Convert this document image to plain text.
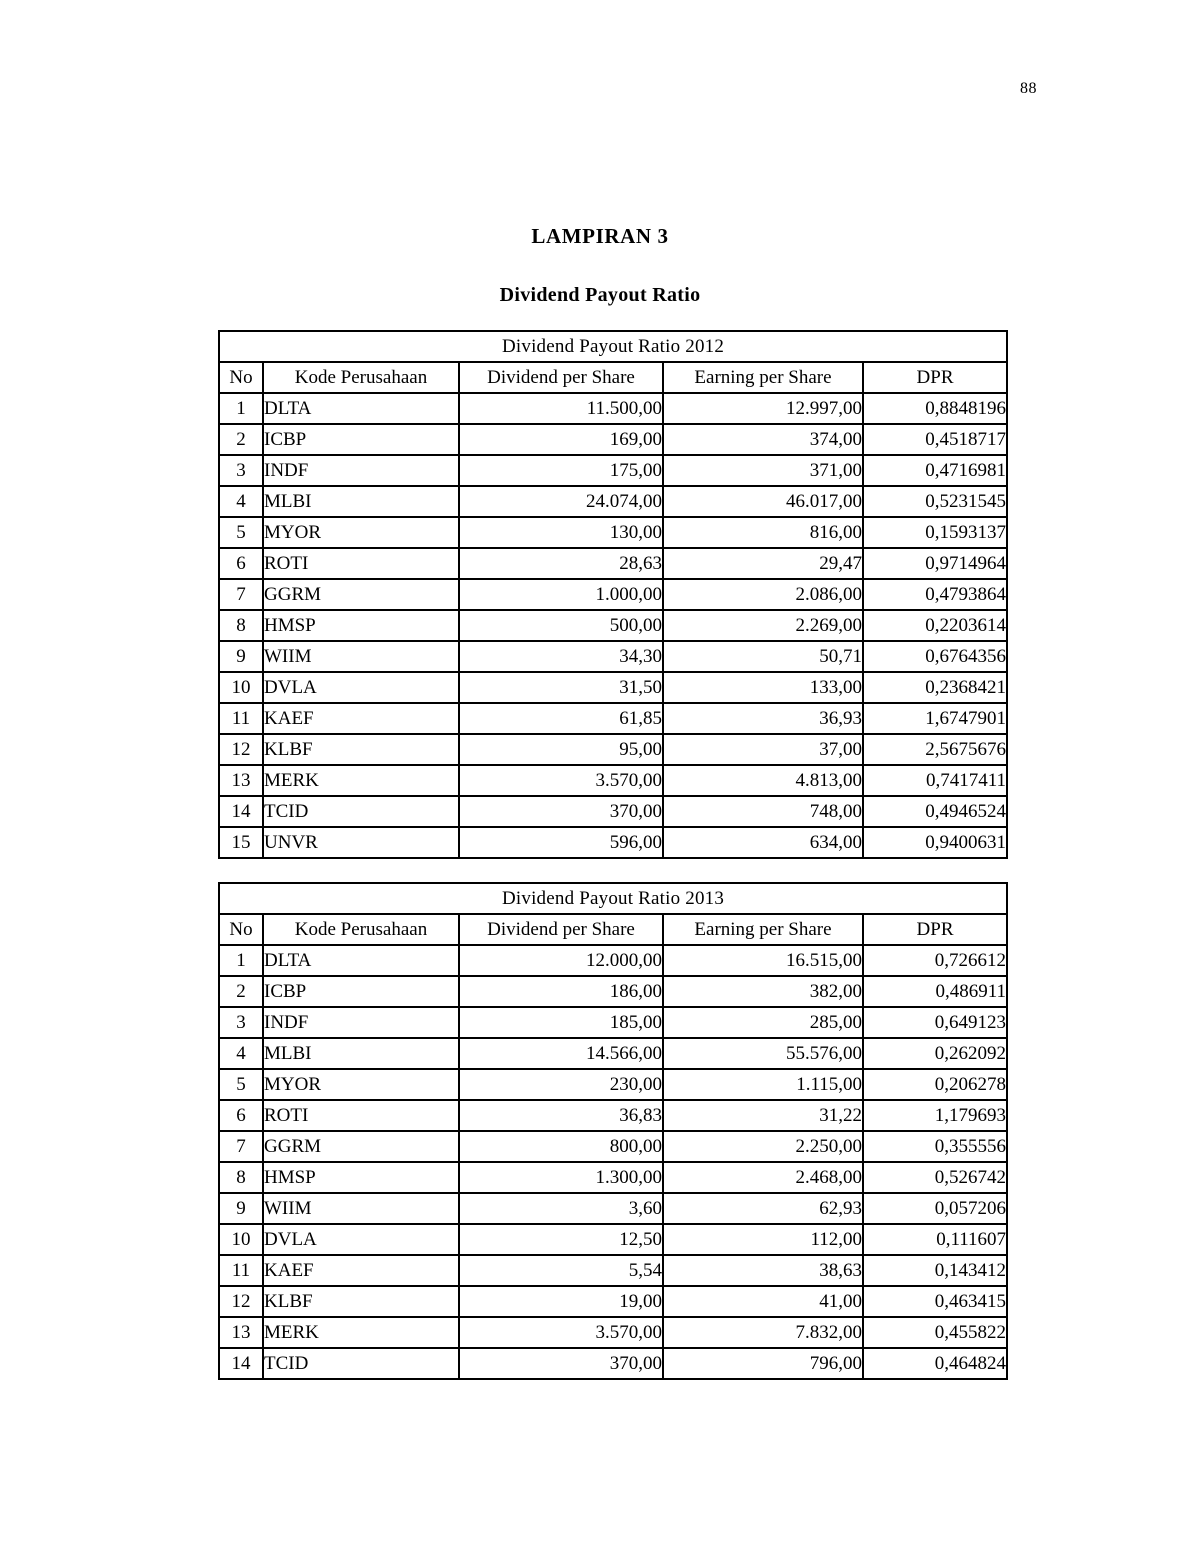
88
LAMPIRAN 3
Dividend Payout Ratio
Dividend Payout Ratio 2012				
No	Kode Perusahaan	Dividend per Share	Earning per Share	DPR
1	DLTA	11.500,00	12.997,00	0,8848196
2	ICBP	169,00	374,00	0,4518717
3	INDF	175,00	371,00	0,4716981
4	MLBI	24.074,00	46.017,00	0,5231545
5	MYOR	130,00	816,00	0,1593137
6	ROTI	28,63	29,47	0,9714964
7	GGRM	1.000,00	2.086,00	0,4793864
8	HMSP	500,00	2.269,00	0,2203614
9	WIIM	34,30	50,71	0,6764356
10	DVLA	31,50	133,00	0,2368421
11	KAEF	61,85	36,93	1,6747901
12	KLBF	95,00	37,00	2,5675676
13	MERK	3.570,00	4.813,00	0,7417411
14	TCID	370,00	748,00	0,4946524
15	UNVR	596,00	634,00	0,9400631
Dividend Payout Ratio 2013				
No	Kode Perusahaan	Dividend per Share	Earning per Share	DPR
1	DLTA	12.000,00	16.515,00	0,726612
2	ICBP	186,00	382,00	0,486911
3	INDF	185,00	285,00	0,649123
4	MLBI	14.566,00	55.576,00	0,262092
5	MYOR	230,00	1.115,00	0,206278
6	ROTI	36,83	31,22	1,179693
7	GGRM	800,00	2.250,00	0,355556
8	HMSP	1.300,00	2.468,00	0,526742
9	WIIM	3,60	62,93	0,057206
10	DVLA	12,50	112,00	0,111607
11	KAEF	5,54	38,63	0,143412
12	KLBF	19,00	41,00	0,463415
13	MERK	3.570,00	7.832,00	0,455822
14	TCID	370,00	796,00	0,464824
